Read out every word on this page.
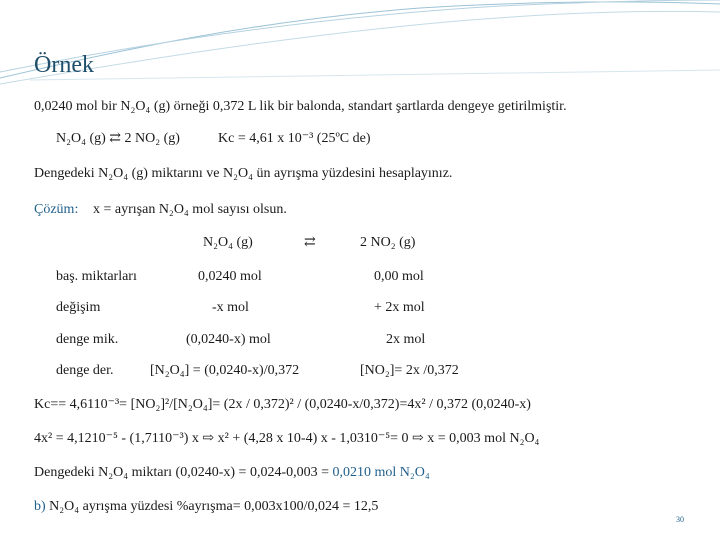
Örnek
0,0240 mol bir N₂O₄ (g) örneği 0,372 L lik bir balonda, standart şartlarda dengeye getirilmiştir.
N₂O₄ (g) ⇄ 2 NO₂ (g)	Kc = 4,61 x 10⁻³ (25ºC de)
Dengedeki N₂O₄ (g) miktarını ve N₂O₄ ün ayrışma yüzdesini hesaplayınız.
Çözüm: x = ayrışan N₂O₄ mol sayısı olsun.
N₂O₄ (g)	⇄	2 NO₂ (g)
baş. miktarları	0,0240 mol	0,00 mol
değişim	-x mol	+ 2x mol
denge mik.	(0,0240-x) mol	2x mol
denge der.	[N₂O₄] = (0,0240-x)/0,372	[NO₂]= 2x /0,372
Kc== 4,6110⁻³= [NO₂]²/[N₂O₄]= (2x / 0,372)² / (0,0240-x/0,372)=4x² / 0,372 (0,0240-x)
4x² = 4,1210⁻⁵ - (1,7110⁻³) x ⇨ x² + (4,28 x 10-4) x - 1,0310⁻⁵= 0 ⇨ x = 0,003 mol N₂O₄
Dengedeki N₂O₄ miktarı (0,0240-x) = 0,024-0,003 = 0,0210 mol N₂O₄
b) N₂O₄ ayrışma yüzdesi %ayrışma= 0,003x100/0,024 = 12,5
30
